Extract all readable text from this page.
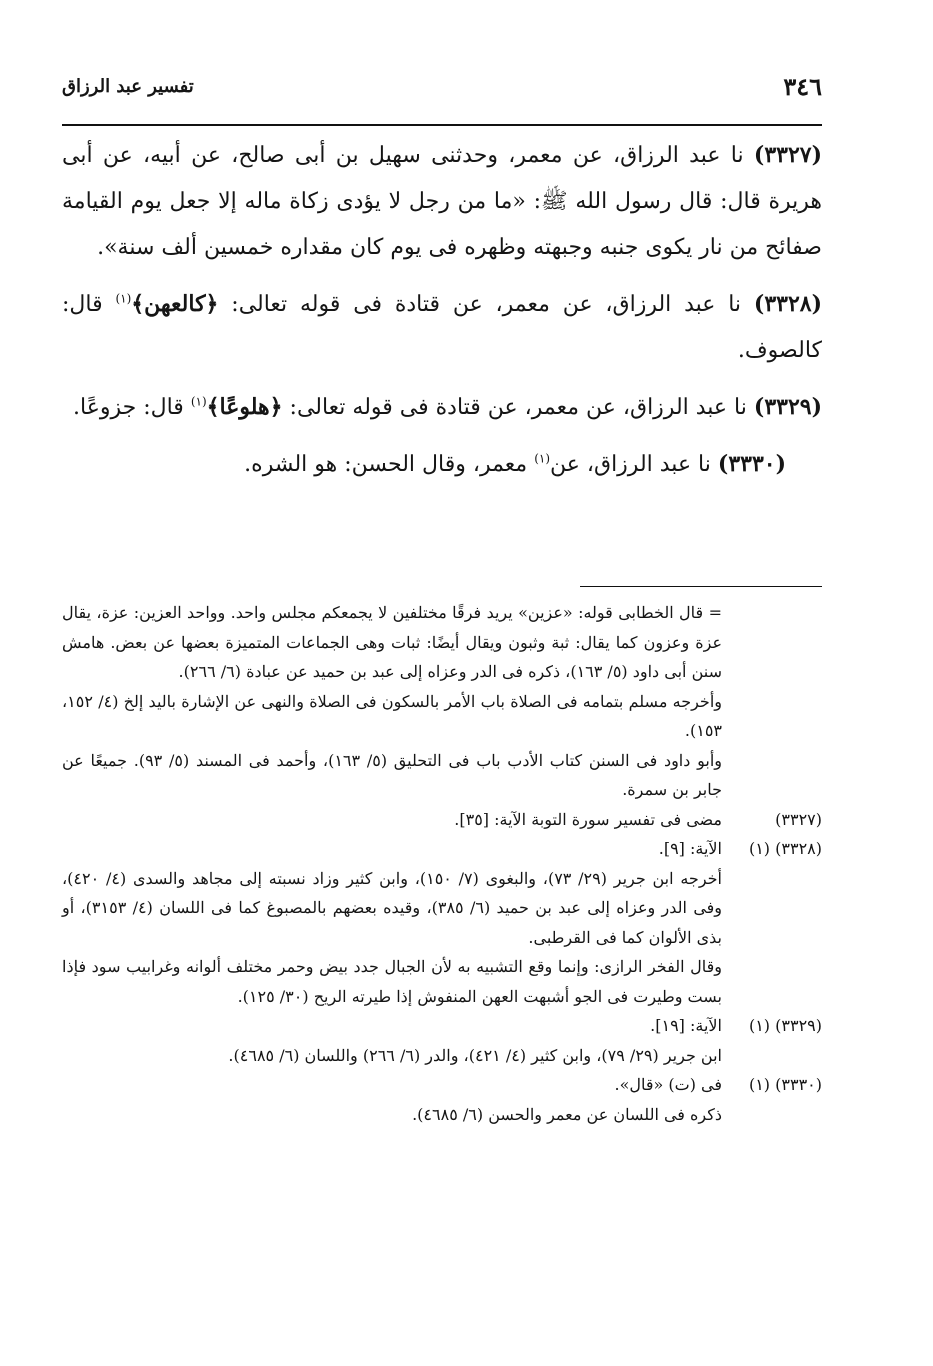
٣٤٦
تفسير عبد الرزاق

(٣٣٢٧) نا عبد الرزاق، عن معمر، وحدثنى سهيل بن أبى صالح، عن أبيه، عن أبى هريرة قال: قال رسول الله ﷺ: «ما من رجل لا يؤدى زكاة ماله إلا جعل يوم القيامة صفائح من نار يكوى جنبه وجبهته وظهره فى يوم كان مقداره خمسين ألف سنة».

(٣٣٢٨) نا عبد الرزاق، عن معمر، عن قتادة فى قوله تعالى: ﴿كالعهن﴾$^{(١)}$ قال: كالصوف.

(٣٣٢٩) نا عبد الرزاق، عن معمر، عن قتادة فى قوله تعالى: ﴿هلوعًا﴾$^{(١)}$ قال: جزوعًا.

(٣٣٣٠) نا عبد الرزاق، عن$^{(١)}$ معمر، وقال الحسن: هو الشره.

= قال الخطابى قوله: «عزين» يريد فرقًا مختلفين لا يجمعكم مجلس واحد. وواحد العزين: عزة، يقال عزة وعزون كما يقال: ثبة وثبون ويقال أيضًا: ثبات وهى الجماعات المتميزة بعضها عن بعض. هامش سنن أبى داود (٥/ ١٦٣)، ذكره فى الدر وعزاه إلى عبد بن حميد عن عبادة (٦/ ٢٦٦).
وأخرجه مسلم بتمامه فى الصلاة باب الأمر بالسكون فى الصلاة والنهى عن الإشارة باليد إلخ (٤/ ١٥٢، ١٥٣).
وأبو داود فى السنن كتاب الأدب باب فى التحليق (٥/ ١٦٣)، وأحمد فى المسند (٥/ ٩٣). جميعًا عن جابر بن سمرة.
(٣٣٢٧)
مضى فى تفسير سورة التوبة الآية: [٣٥].
(٣٣٢٨) (١)
الآية: [٩].
أخرجه ابن جرير (٢٩/ ٧٣)، والبغوى (٧/ ١٥٠)، وابن كثير وزاد نسبته إلى مجاهد والسدى (٤/ ٤٢٠)، وفى الدر وعزاه إلى عبد بن حميد (٦/ ٣٨٥)، وقيده بعضهم بالمصبوغ كما فى اللسان (٤/ ٣١٥٣)، أو بذى الألوان كما فى القرطبى.
وقال الفخر الرازى: وإنما وقع التشبيه به لأن الجبال جدد بيض وحمر مختلف ألوانه وغرابيب سود فإذا بست وطيرت فى الجو أشبهت العهن المنفوش إذا طيرته الريح (٣٠/ ١٢٥).
(٣٣٢٩) (١)
الآية: [١٩].
ابن جرير (٢٩/ ٧٩)، وابن كثير (٤/ ٤٢١)، والدر (٦/ ٢٦٦) واللسان (٦/ ٤٦٨٥).
(٣٣٣٠) (١)
فى (ت) «قال».
ذكره فى اللسان عن معمر والحسن (٦/ ٤٦٨٥).
